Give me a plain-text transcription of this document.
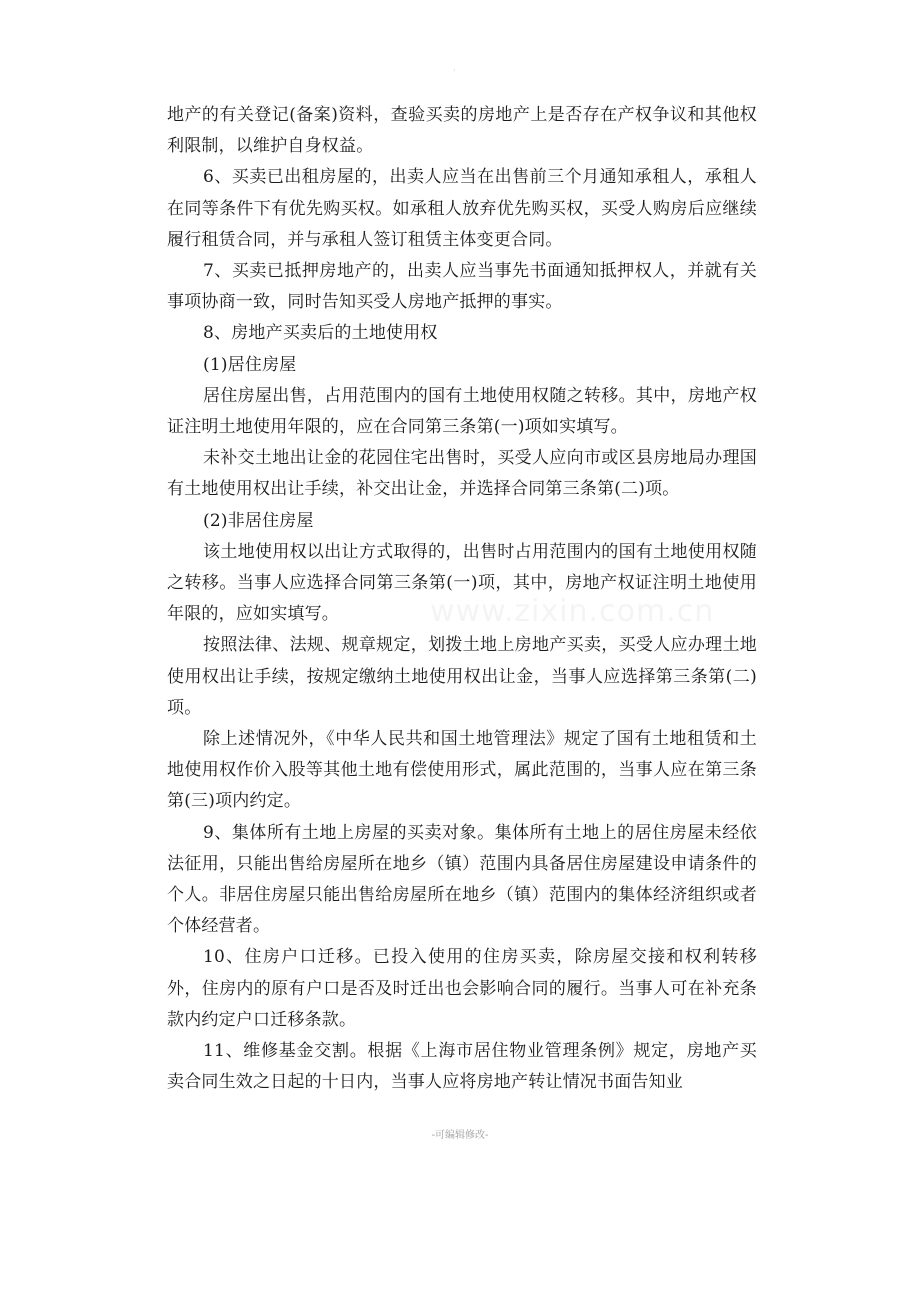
·

地产的有关登记(备案)资料，查验买卖的房地产上是否存在产权争议和其他权利限制，以维护自身权益。

6、买卖已出租房屋的，出卖人应当在出售前三个月通知承租人，承租人在同等条件下有优先购买权。如承租人放弃优先购买权，买受人购房后应继续履行租赁合同，并与承租人签订租赁主体变更合同。

7、买卖已抵押房地产的，出卖人应当事先书面通知抵押权人，并就有关事项协商一致，同时告知买受人房地产抵押的事实。

8、房地产买卖后的土地使用权

(1)居住房屋

居住房屋出售，占用范围内的国有土地使用权随之转移。其中，房地产权证注明土地使用年限的，应在合同第三条第(一)项如实填写。

未补交土地出让金的花园住宅出售时，买受人应向市或区县房地局办理国有土地使用权出让手续，补交出让金，并选择合同第三条第(二)项。

(2)非居住房屋

该土地使用权以出让方式取得的，出售时占用范围内的国有土地使用权随之转移。当事人应选择合同第三条第(一)项，其中，房地产权证注明土地使用年限的，应如实填写。

按照法律、法规、规章规定，划拨土地上房地产买卖，买受人应办理土地使用权出让手续，按规定缴纳土地使用权出让金，当事人应选择第三条第(二)项。

除上述情况外，《中华人民共和国土地管理法》规定了国有土地租赁和土地使用权作价入股等其他土地有偿使用形式，属此范围的，当事人应在第三条第(三)项内约定。

9、集体所有土地上房屋的买卖对象。集体所有土地上的居住房屋未经依法征用，只能出售给房屋所在地乡（镇）范围内具备居住房屋建设申请条件的个人。非居住房屋只能出售给房屋所在地乡（镇）范围内的集体经济组织或者个体经营者。

10、住房户口迁移。已投入使用的住房买卖，除房屋交接和权利转移外，住房内的原有户口是否及时迁出也会影响合同的履行。当事人可在补充条款内约定户口迁移条款。

11、维修基金交割。根据《上海市居住物业管理条例》规定，房地产买卖合同生效之日起的十日内，当事人应将房地产转让情况书面告知业

www.zixin.com.cn
-可编辑修改-
